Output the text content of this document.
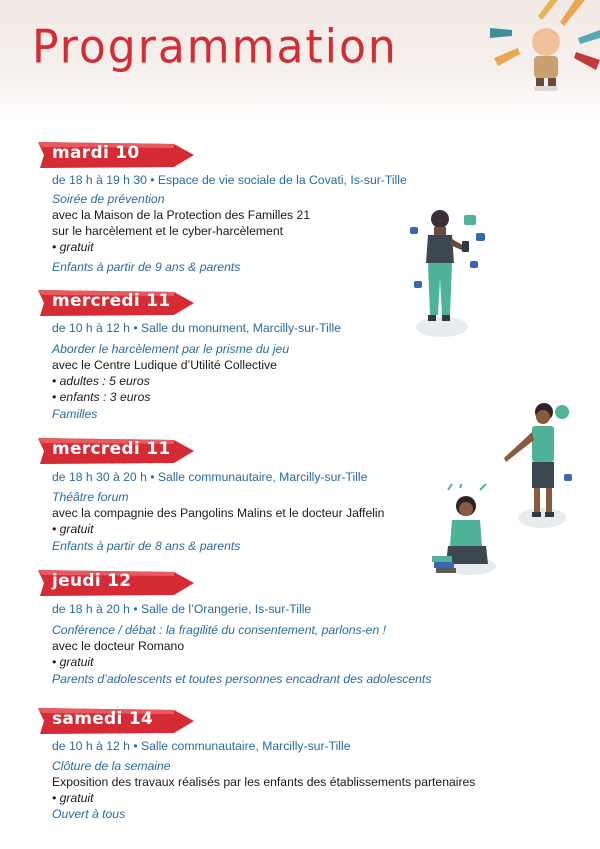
Programmation
mardi 10
de 18 h à 19 h 30 • Espace de vie sociale de la Covati, Is-sur-Tille
Soirée de prévention
avec la Maison de la Protection des Familles 21
sur le harcèlement et le cyber-harcèlement
• gratuit
Enfants à partir de 9 ans & parents
mercredi 11
de 10 h à 12 h • Salle du monument, Marcilly-sur-Tille
Aborder le harcèlement par le prisme du jeu
avec le Centre Ludique d’Utilité Collective
• adultes : 5 euros
• enfants : 3 euros
Familles
mercredi 11
de 18 h 30 à 20 h • Salle communautaire, Marcilly-sur-Tille
Théâtre forum
avec la compagnie des Pangolins Malins et le docteur Jaffelin
• gratuit
Enfants à partir de 8 ans & parents
jeudi 12
de 18 h à 20 h • Salle de l’Orangerie, Is-sur-Tille
Conférence / débat : la fragilité du consentement, parlons-en !
avec le docteur Romano
• gratuit
Parents d’adolescents et toutes personnes encadrant des adolescents
samedi 14
de 10 h à 12 h • Salle communautaire, Marcilly-sur-Tille
Clôture de la semaine
Exposition des travaux réalisés par les enfants des établissements partenaires
• gratuit
Ouvert à tous
